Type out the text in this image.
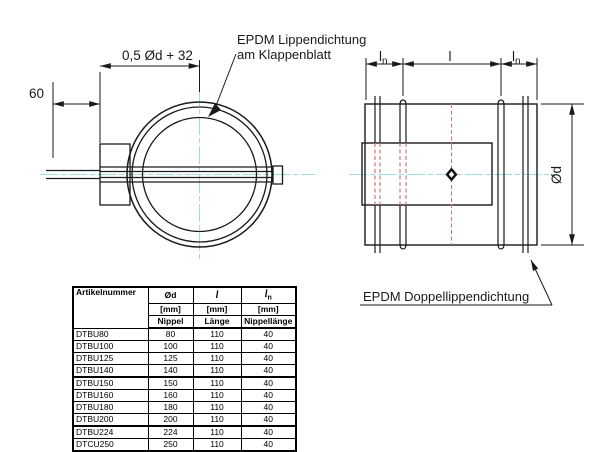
0,5 Ød + 32
60
EPDM Lippendichtung
am Klappenblatt	$l_n$	l	$l_n$
Ød
EPDM Doppellippendichtung
Artikelnummer	Ød	l	$l_n$
	[mm]	[mm]	[mm]
	Nippel	Länge	Nippellänge
DTBU80	80	110	40
DTBU100	100	110	40
DTBU125	125	110	40
DTBU140	140	110	40
DTBU150	150	110	40
DTBU160	160	110	40
DTBU180	180	110	40
DTBU200	200	110	40
DTBU224	224	110	40
DTCU250	250	110	40
